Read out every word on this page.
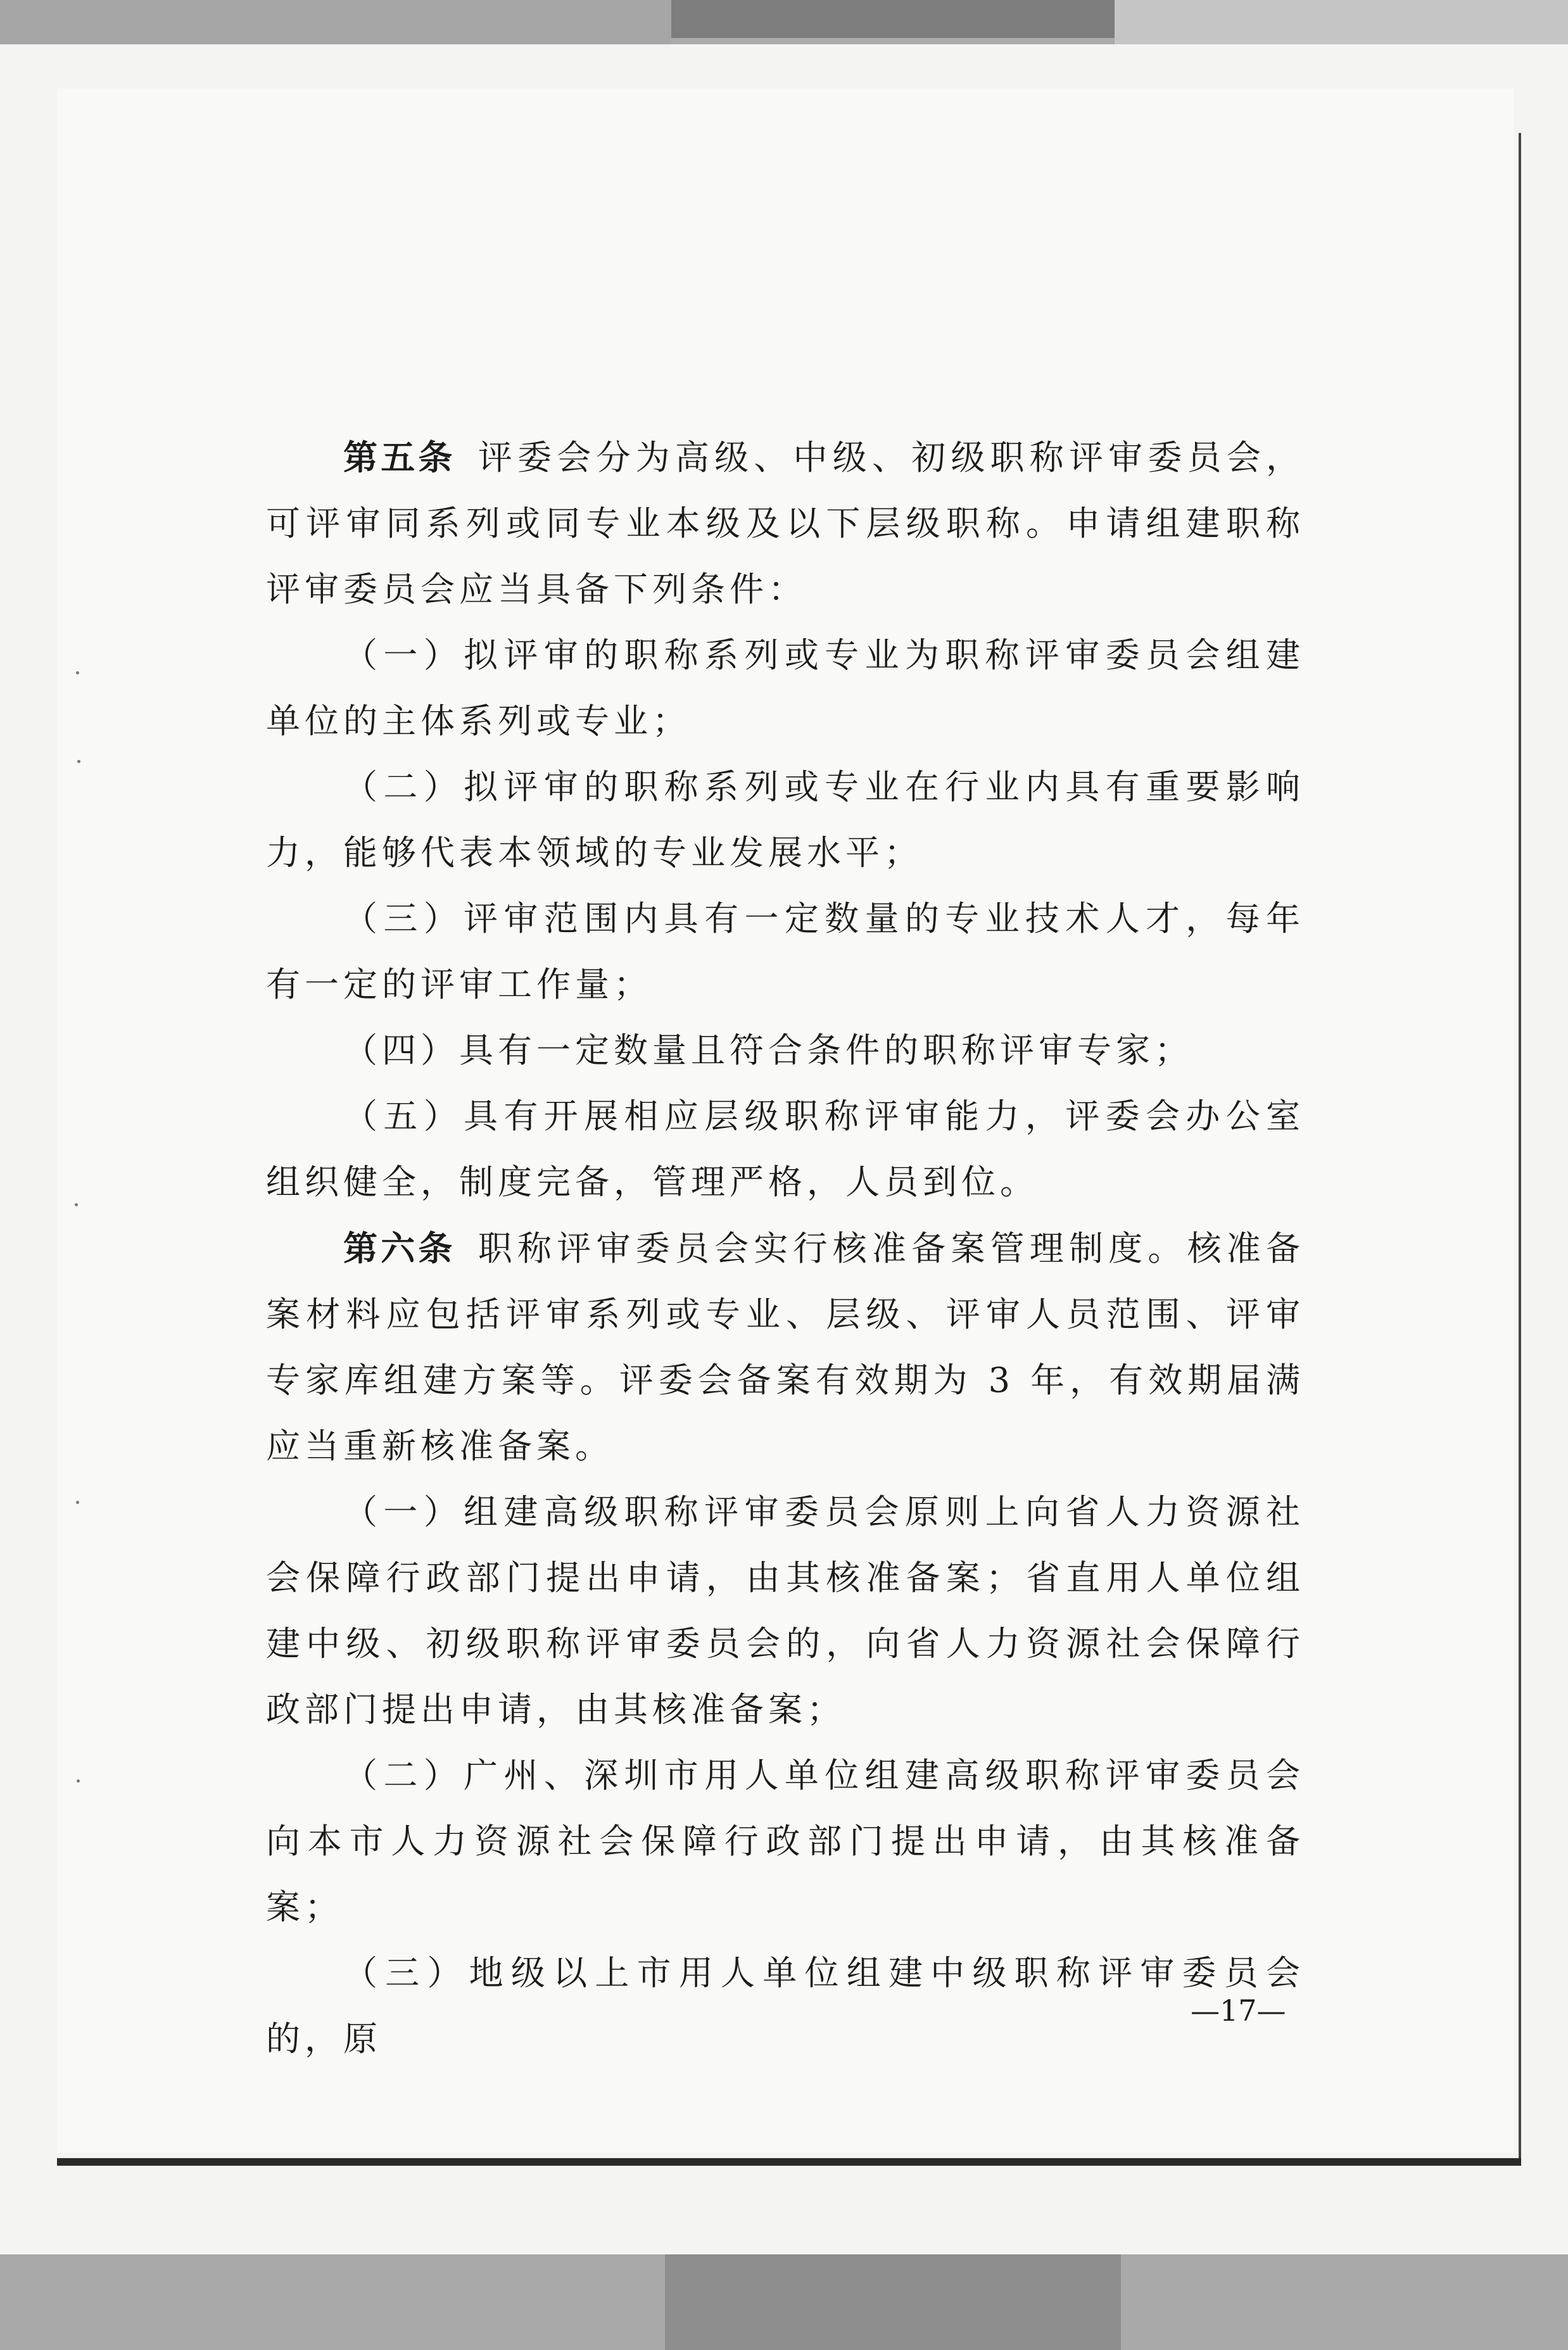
第五条  评委会分为高级、中级、初级职称评审委员会，可评审同系列或同专业本级及以下层级职称。申请组建职称评审委员会应当具备下列条件：

（一）拟评审的职称系列或专业为职称评审委员会组建单位的主体系列或专业；

（二）拟评审的职称系列或专业在行业内具有重要影响力，能够代表本领域的专业发展水平；

（三）评审范围内具有一定数量的专业技术人才，每年有一定的评审工作量；

（四）具有一定数量且符合条件的职称评审专家；

（五）具有开展相应层级职称评审能力，评委会办公室组织健全，制度完备，管理严格，人员到位。

第六条  职称评审委员会实行核准备案管理制度。核准备案材料应包括评审系列或专业、层级、评审人员范围、评审专家库组建方案等。评委会备案有效期为 3 年，有效期届满应当重新核准备案。

（一）组建高级职称评审委员会原则上向省人力资源社会保障行政部门提出申请，由其核准备案；省直用人单位组建中级、初级职称评审委员会的，向省人力资源社会保障行政部门提出申请，由其核准备案；

（二）广州、深圳市用人单位组建高级职称评审委员会向本市人力资源社会保障行政部门提出申请，由其核准备案；

（三）地级以上市用人单位组建中级职称评审委员会的，原

—17—
